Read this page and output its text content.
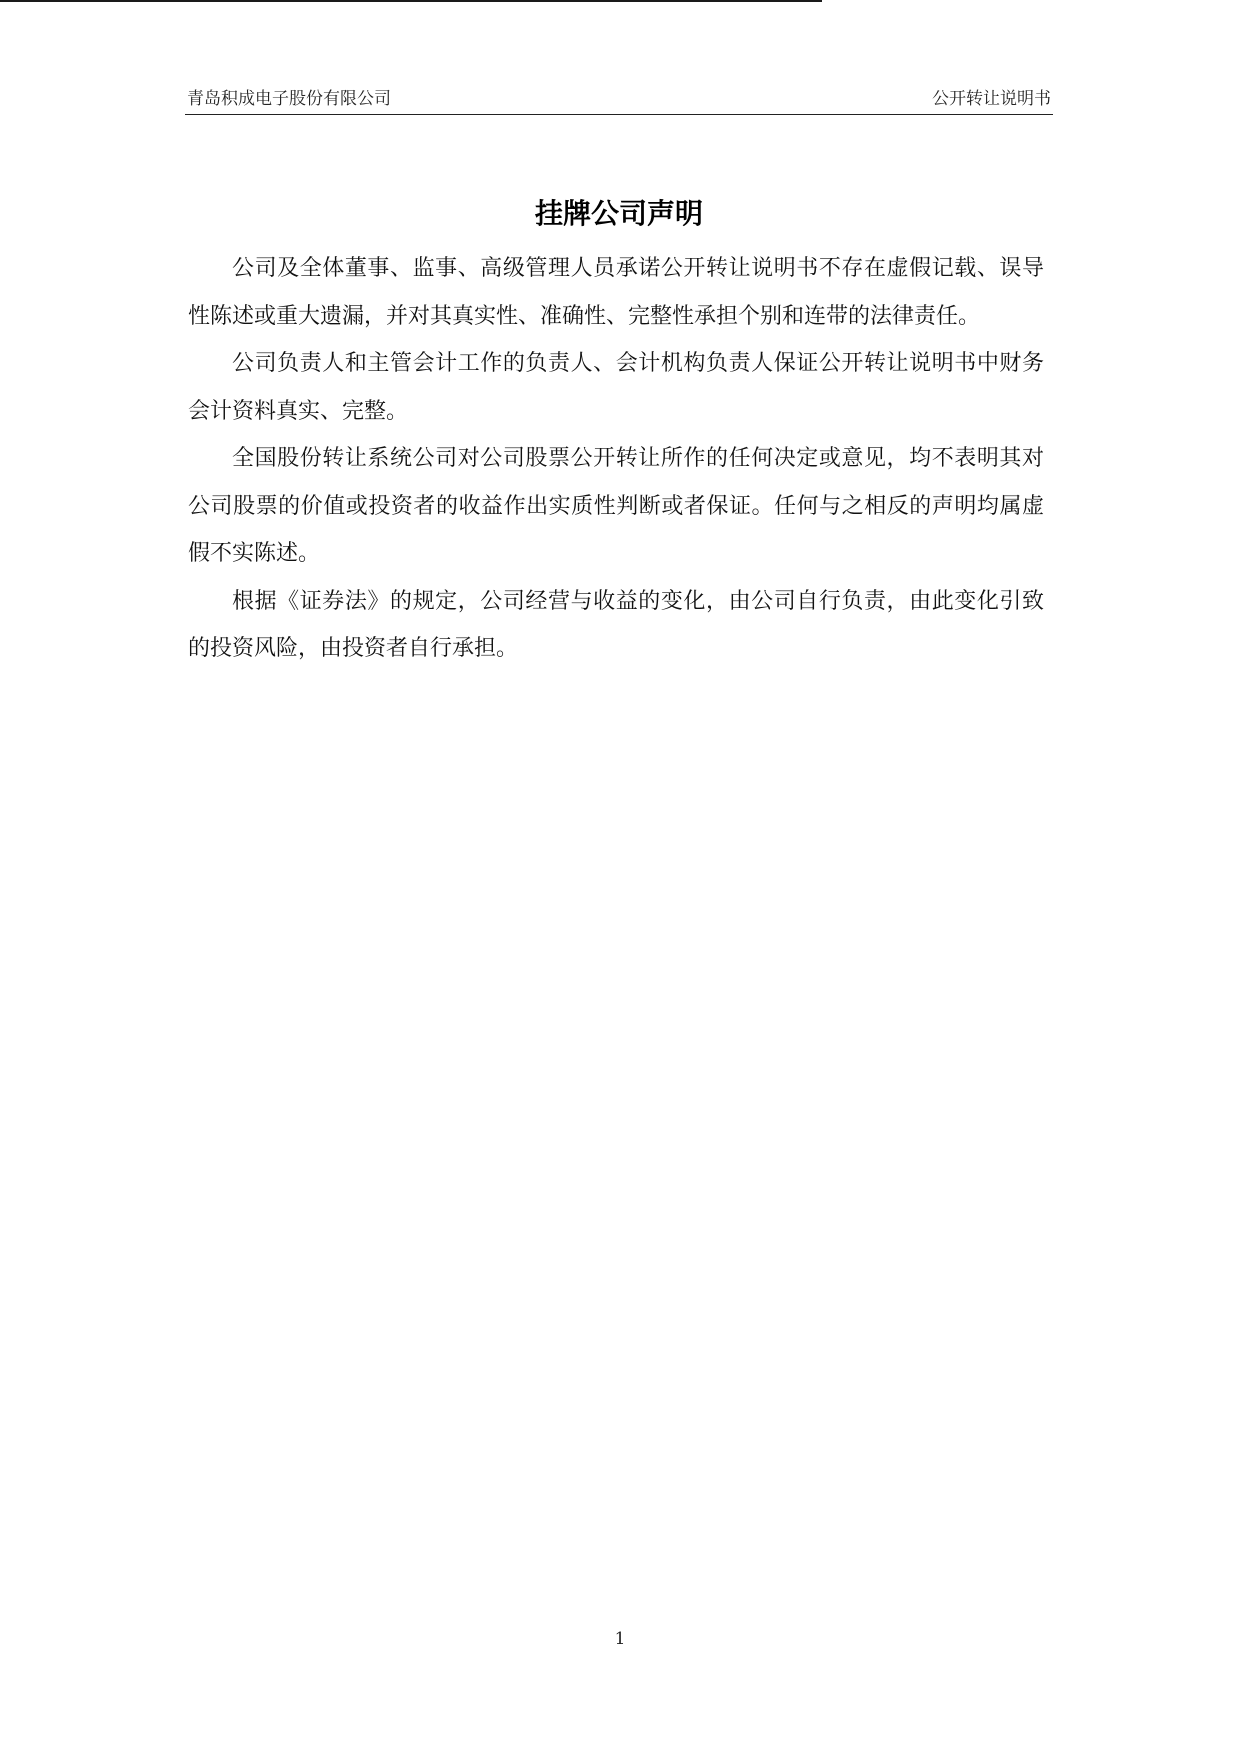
青岛积成电子股份有限公司	公开转让说明书
挂牌公司声明

公司及全体董事、监事、高级管理人员承诺公开转让说明书不存在虚假记载、误导性陈述或重大遗漏，并对其真实性、准确性、完整性承担个别和连带的法律责任。

公司负责人和主管会计工作的负责人、会计机构负责人保证公开转让说明书中财务会计资料真实、完整。

全国股份转让系统公司对公司股票公开转让所作的任何决定或意见，均不表明其对公司股票的价值或投资者的收益作出实质性判断或者保证。任何与之相反的声明均属虚假不实陈述。

根据《证券法》的规定，公司经营与收益的变化，由公司自行负责，由此变化引致的投资风险，由投资者自行承担。

1
